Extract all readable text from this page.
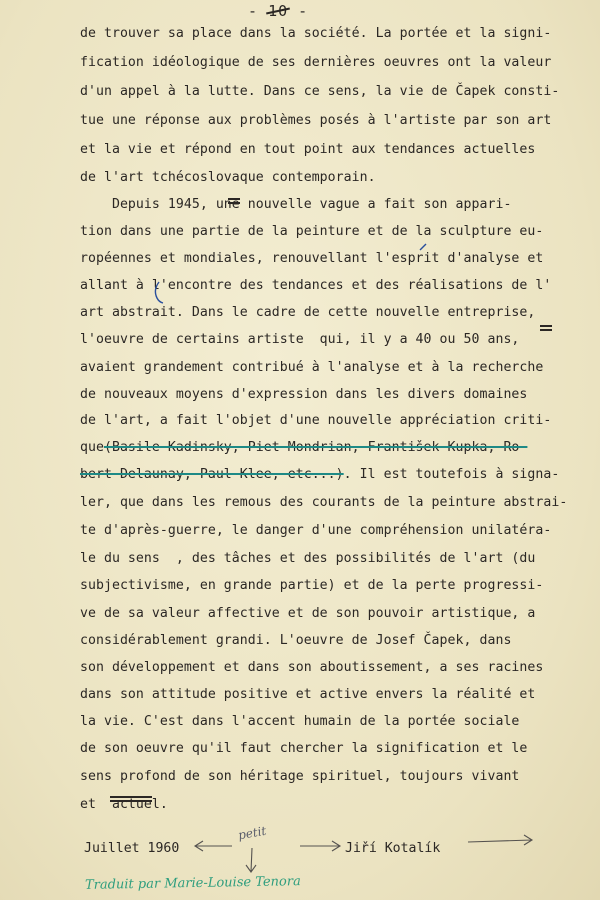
- 10 -
de trouver sa place dans la société. La portée et la signi-
fication idéologique de ses dernières oeuvres ont la valeur
d'un appel à la lutte. Dans ce sens, la vie de Čapek consti-
tue une réponse aux problèmes posés à l'artiste par son art
et la vie et répond en tout point aux tendances actuelles
de l'art tchécoslovaque contemporain.
Depuis 1945, une nouvelle vague a fait son appari-
tion dans une partie de la peinture et de la sculpture eu-
ropéennes et mondiales, renouvellant l'esprit d'analyse et
allant à l'encontre des tendances et des réalisations de l'
art abstrait. Dans le cadre de cette nouvelle entreprise,
l'oeuvre de certains artiste  qui, il y a 40 ou 50 ans,
avaient grandement contribué à l'analyse et à la recherche
de nouveaux moyens d'expression dans les divers domaines
de l'art, a fait l'objet d'une nouvelle appréciation criti-
que(Basile Kadinsky, Piet Mondrian, František Kupka, Ro-
bert Delaunay, Paul Klee, etc...). Il est toutefois à signa-
ler, que dans les remous des courants de la peinture abstrai-
te d'après-guerre, le danger d'une compréhension unilatéra-
le du sens  , des tâches et des possibilités de l'art (du
subjectivisme, en grande partie) et de la perte progressi-
ve de sa valeur affective et de son pouvoir artistique, a
considérablement grandi. L'oeuvre de Josef Čapek, dans
son développement et dans son aboutissement, a ses racines
dans son attitude positive et active envers la réalité et
la vie. C'est dans l'accent humain de la portée sociale
de son oeuvre qu'il faut chercher la signification et le
sens profond de son héritage spirituel, toujours vivant
et  actuel.
Juillet 1960	Jiří Kotalík
petit
Traduit par Marie-Louise Tenora
